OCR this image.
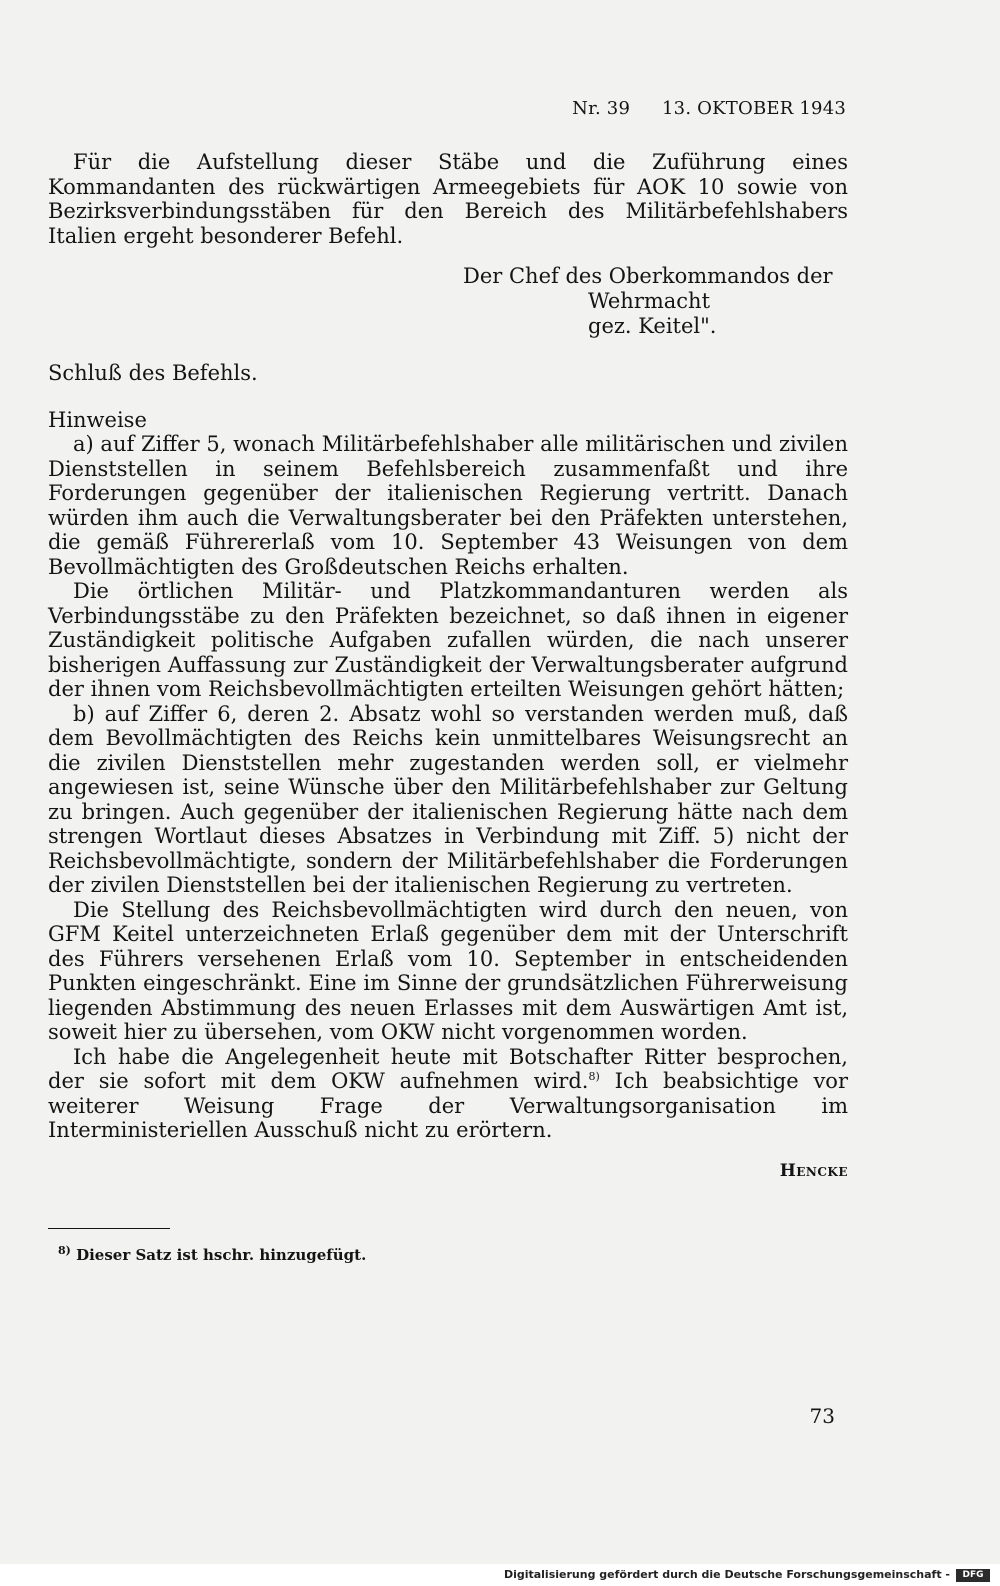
Nr. 39 13. OKTOBER 1943

Für die Aufstellung dieser Stäbe und die Zuführung eines Kommandanten des rückwärtigen Armeegebiets für AOK 10 sowie von Bezirksverbindungsstäben für den Bereich des Militärbefehlshabers Italien ergeht besonderer Befehl.

Der Chef des Oberkommandos der
Wehrmacht
gez. Keitel".
Schluß des Befehls.
Hinweise

a) auf Ziffer 5, wonach Militärbefehlshaber alle militärischen und zivilen Dienststellen in seinem Befehlsbereich zusammenfaßt und ihre Forderungen gegenüber der italienischen Regierung vertritt. Danach würden ihm auch die Verwaltungsberater bei den Präfekten unterstehen, die gemäß Führererlaß vom 10. September 43 Weisungen von dem Bevollmächtigten des Großdeutschen Reichs erhalten.

Die örtlichen Militär- und Platzkommandanturen werden als Verbindungsstäbe zu den Präfekten bezeichnet, so daß ihnen in eigener Zuständigkeit politische Aufgaben zufallen würden, die nach unserer bisherigen Auffassung zur Zuständigkeit der Verwaltungsberater aufgrund der ihnen vom Reichsbevollmächtigten erteilten Weisungen gehört hätten;

b) auf Ziffer 6, deren 2. Absatz wohl so verstanden werden muß, daß dem Bevollmächtigten des Reichs kein unmittelbares Weisungsrecht an die zivilen Dienststellen mehr zugestanden werden soll, er vielmehr angewiesen ist, seine Wünsche über den Militärbefehlshaber zur Geltung zu bringen. Auch gegenüber der italienischen Regierung hätte nach dem strengen Wortlaut dieses Absatzes in Verbindung mit Ziff. 5) nicht der Reichsbevollmächtigte, sondern der Militärbefehlshaber die Forderungen der zivilen Dienststellen bei der italienischen Regierung zu vertreten.

Die Stellung des Reichsbevollmächtigten wird durch den neuen, von GFM Keitel unterzeichneten Erlaß gegenüber dem mit der Unterschrift des Führers versehenen Erlaß vom 10. September in entscheidenden Punkten eingeschränkt. Eine im Sinne der grundsätzlichen Führerweisung liegenden Abstimmung des neuen Erlasses mit dem Auswärtigen Amt ist, soweit hier zu übersehen, vom OKW nicht vorgenommen worden.

Ich habe die Angelegenheit heute mit Botschafter Ritter besprochen, der sie sofort mit dem OKW aufnehmen wird.$^{8)}$ Ich beabsichtige vor weiterer Weisung Frage der Verwaltungsorganisation im Interministeriellen Ausschuß nicht zu erörtern.

Hencke
$^{8)}$ Dieser Satz ist hschr. hinzugefügt.
73
Digitalisierung gefördert durch die Deutsche Forschungsgemeinschaft -	DFG
